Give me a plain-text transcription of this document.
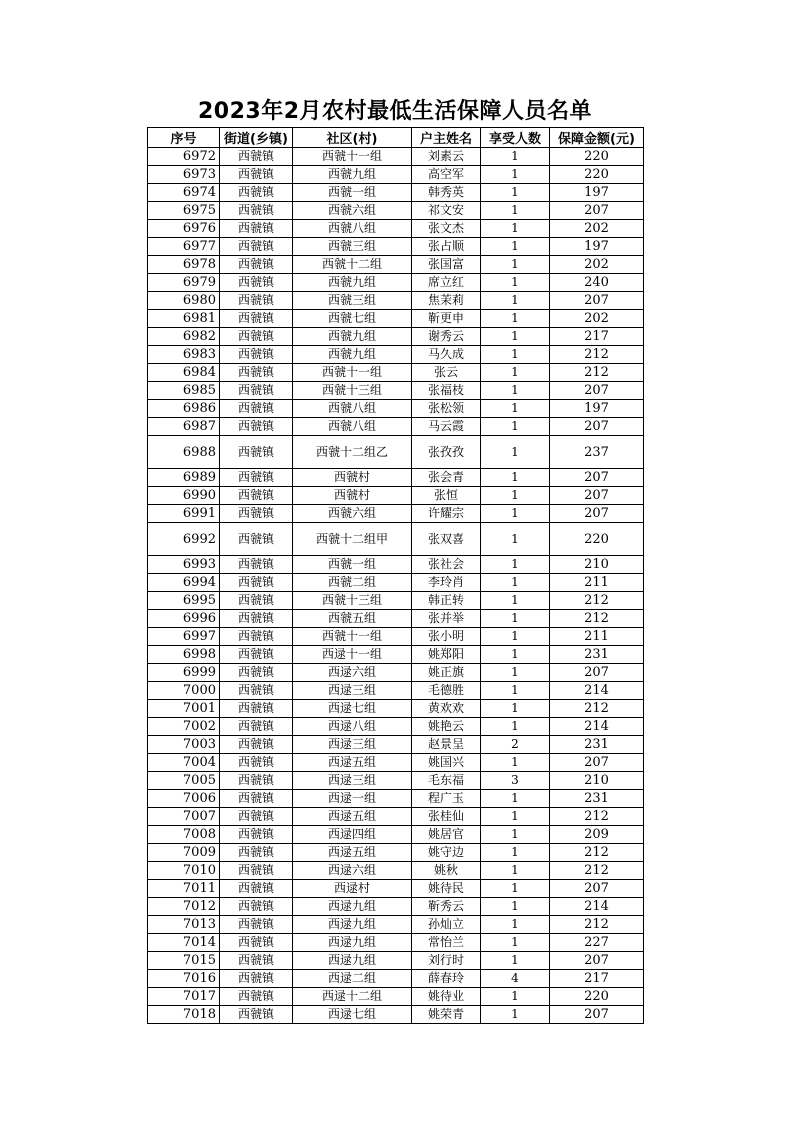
2023年2月农村最低生活保障人员名单
序号	街道(乡镇)	社区(村)	户主姓名	享受人数	保障金额(元)
6972	西虢镇	西虢十一组	刘素云	1	220
6973	西虢镇	西虢九组	高空军	1	220
6974	西虢镇	西虢一组	韩秀英	1	197
6975	西虢镇	西虢六组	祁文安	1	207
6976	西虢镇	西虢八组	张文杰	1	202
6977	西虢镇	西虢三组	张占顺	1	197
6978	西虢镇	西虢十二组	张国富	1	202
6979	西虢镇	西虢九组	席立红	1	240
6980	西虢镇	西虢三组	焦茉莉	1	207
6981	西虢镇	西虢七组	靳更申	1	202
6982	西虢镇	西虢九组	谢秀云	1	217
6983	西虢镇	西虢九组	马久成	1	212
6984	西虢镇	西虢十一组	张云	1	212
6985	西虢镇	西虢十三组	张福枝	1	207
6986	西虢镇	西虢八组	张松领	1	197
6987	西虢镇	西虢八组	马云霞	1	207
6988	西虢镇	西虢十二组乙	张孜孜	1	237
6989	西虢镇	西虢村	张会青	1	207
6990	西虢镇	西虢村	张恒	1	207
6991	西虢镇	西虢六组	许耀宗	1	207
6992	西虢镇	西虢十二组甲	张双喜	1	220
6993	西虢镇	西虢一组	张社会	1	210
6994	西虢镇	西虢二组	李玲肖	1	211
6995	西虢镇	西虢十三组	韩正转	1	212
6996	西虢镇	西虢五组	张并举	1	212
6997	西虢镇	西虢十一组	张小明	1	211
6998	西虢镇	西逯十一组	姚郑阳	1	231
6999	西虢镇	西逯六组	姚正旗	1	207
7000	西虢镇	西逯三组	毛德胜	1	214
7001	西虢镇	西逯七组	黄欢欢	1	212
7002	西虢镇	西逯八组	姚艳云	1	214
7003	西虢镇	西逯三组	赵景呈	2	231
7004	西虢镇	西逯五组	姚国兴	1	207
7005	西虢镇	西逯三组	毛东福	3	210
7006	西虢镇	西逯一组	程广玉	1	231
7007	西虢镇	西逯五组	张桂仙	1	212
7008	西虢镇	西逯四组	姚居官	1	209
7009	西虢镇	西逯五组	姚守边	1	212
7010	西虢镇	西逯六组	姚秋	1	212
7011	西虢镇	西逯村	姚待民	1	207
7012	西虢镇	西逯九组	靳秀云	1	214
7013	西虢镇	西逯九组	孙灿立	1	212
7014	西虢镇	西逯九组	常怡兰	1	227
7015	西虢镇	西逯九组	刘行时	1	207
7016	西虢镇	西逯二组	薛春玲	4	217
7017	西虢镇	西逯十二组	姚待业	1	220
7018	西虢镇	西逯七组	姚荣青	1	207
